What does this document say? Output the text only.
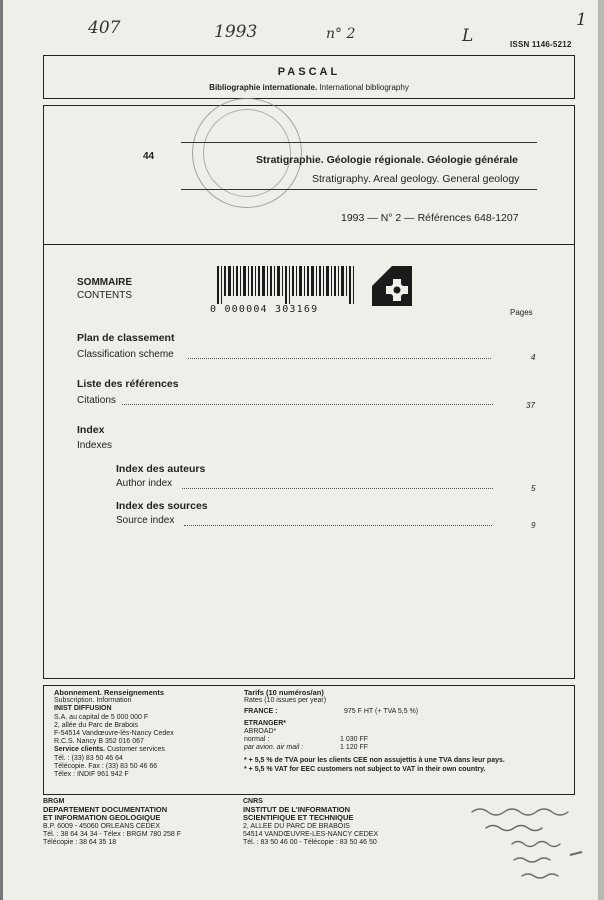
407	1993	n° 2	L
1
ISSN 1146-5212
PASCAL
Bibliographie internationale. International bibliography
44	Stratigraphie. Géologie régionale. Géologie générale
Stratigraphy. Areal geology. General geology
1993 — N° 2 — Références 648-1207
SOMMAIRE
CONTENTS
0 000004 303169	Pages
Plan de classement
Classification scheme	4
Liste des références
Citations	37
Index
Indexes
Index des auteurs
Author index	5
Index des sources
Source index	9
Abonnement. Renseignements
Subscription. Information
INIST DIFFUSION
S.A. au capital de 5 000 000 F
2, allée du Parc de Brabois
F-54514 Vandœuvre-lès-Nancy Cedex
R.C.S. Nancy B 352 016 067
Service clients. Customer services
Tél. : (33) 83 50 46 64
Télécopie. Fax : (33) 83 50 46 66
Télex : INDIF 961 942 F
Tarifs (10 numéros/an)
Rates (10 issues per year)
FRANCE :	975 F HT (+ TVA 5,5 %)
ETRANGER*
ABROAD*
normal :	1 030 FF
par avion. air mail :	1 120 FF
* + 5,5 % de TVA pour les clients CEE non assujettis à une TVA dans leur pays.
* + 5,5 % VAT for EEC customers not subject to VAT in their own country.
BRGM
DEPARTEMENT DOCUMENTATION
ET INFORMATION GEOLOGIQUE
B.P. 6009 - 45060 ORLEANS CEDEX
Tél. : 38 64 34 34 - Télex : BRGM 780 258 F
Télécopie : 38 64 35 18
CNRS
INSTITUT DE L'INFORMATION
SCIENTIFIQUE ET TECHNIQUE
2, ALLEE DU PARC DE BRABOIS
54514 VANDŒUVRE-LES-NANCY CEDEX
Tél. : 83 50 46 00 - Télécopie : 83 50 46 50
